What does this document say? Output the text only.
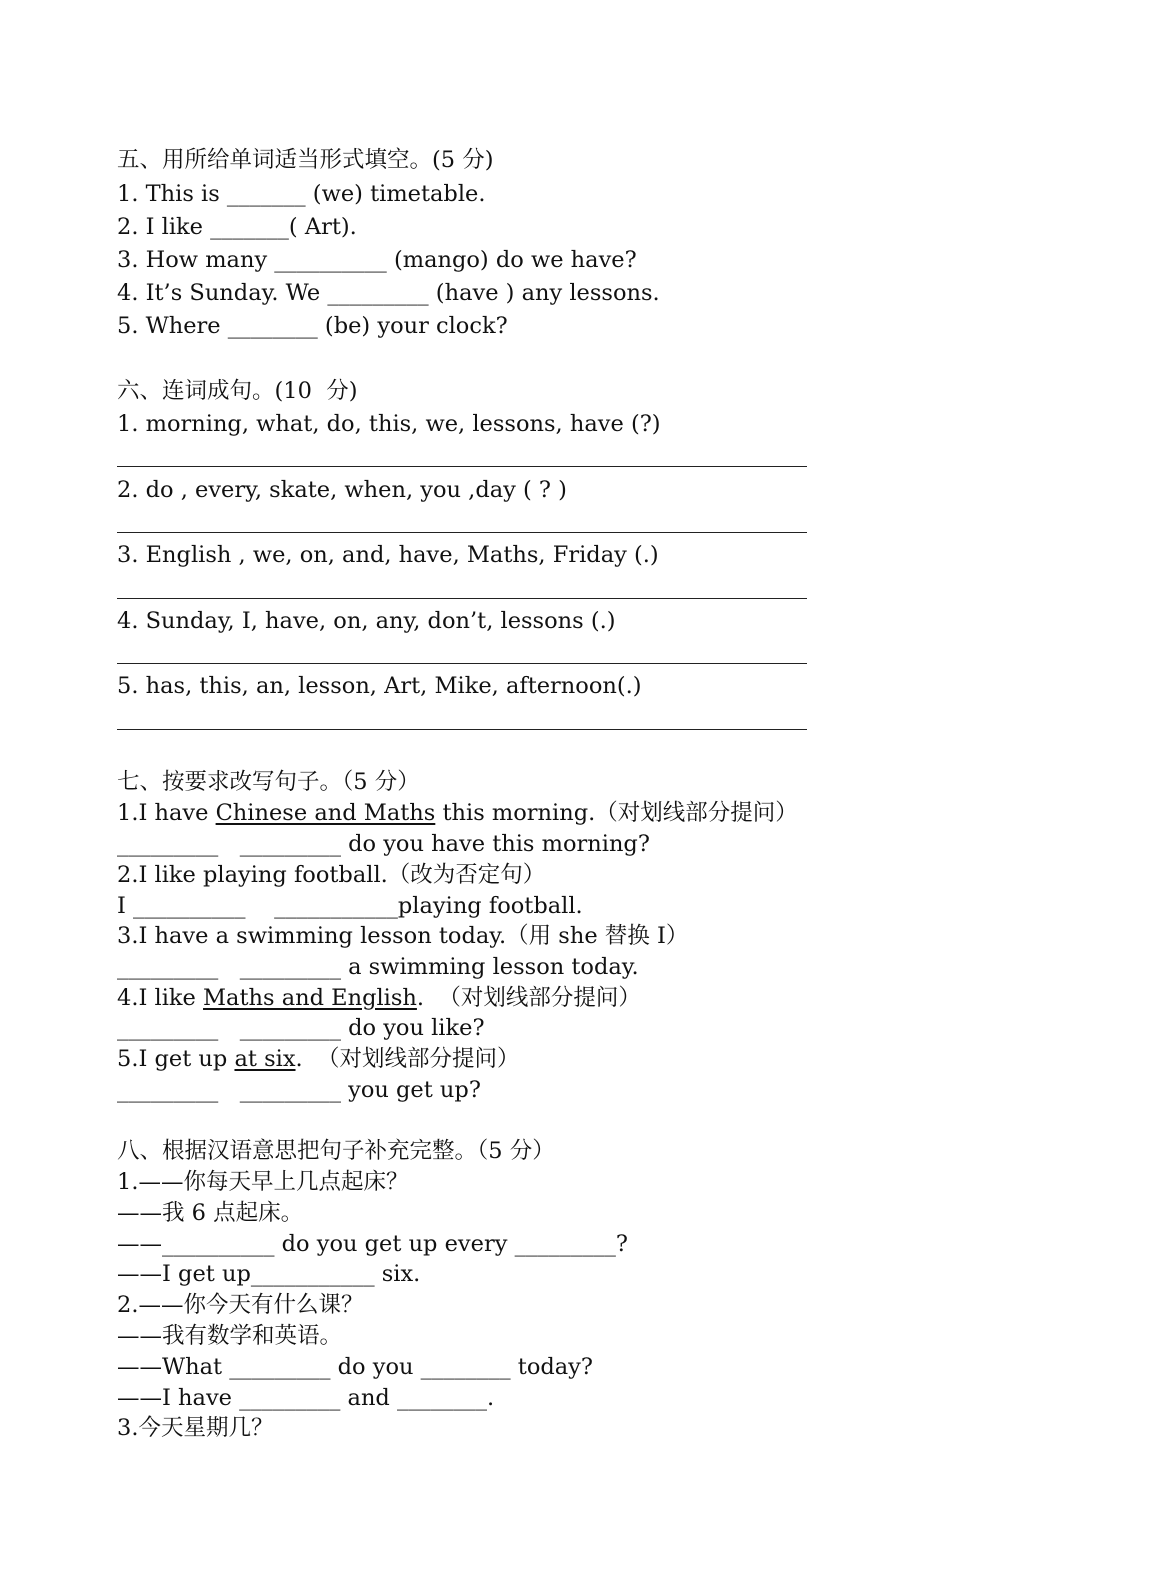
五、用所给单词适当形式填空。(5 分)

1. This is _______ (we) timetable.

2. I like _______( Art).

3. How many __________ (mango) do we have?

4. It’s Sunday. We _________ (have ) any lessons.

5. Where ________ (be) your clock?

六、连词成句。(10  分)

1. morning, what, do, this, we, lessons, have (?)

2. do , every, skate, when, you ,day ( ? )

3. English , we, on, and, have, Maths, Friday (.)

4. Sunday, I, have, on, any, don’t, lessons (.)

5. has, this, an, lesson, Art, Mike, afternoon(.)

七、按要求改写句子。（5 分）

1.I have Chinese and Maths this morning.（对划线部分提问）

_________   _________ do you have this morning?

2.I like playing football.（改为否定句）

I __________    ___________playing football.

3.I have a swimming lesson today.（用 she 替换 I）

_________   _________ a swimming lesson today.

4.I like Maths and English.  （对划线部分提问）

_________   _________ do you like?

5.I get up at six.  （对划线部分提问）

_________   _________ you get up?

八、根据汉语意思把句子补充完整。（5 分）

1.——你每天早上几点起床？

——我 6 点起床。

——__________ do you get up every _________?

——I get up___________ six.

2.——你今天有什么课？

——我有数学和英语。

——What _________ do you ________ today?

——I have _________ and ________.

3.今天星期几？
